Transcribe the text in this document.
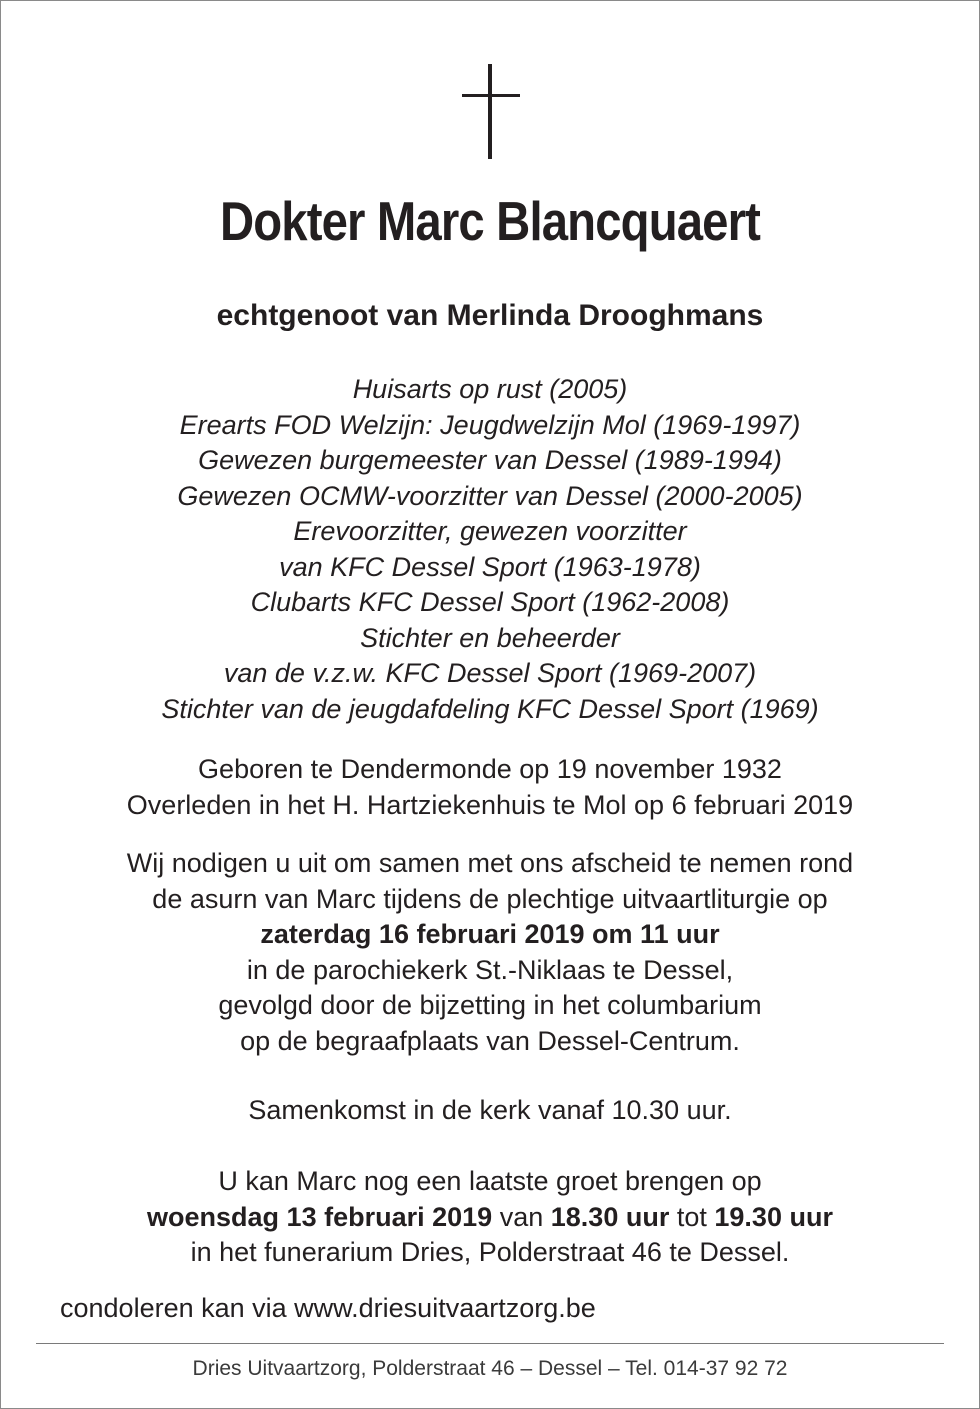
Dokter Marc Blancquaert
echtgenoot van Merlinda Drooghmans
Huisarts op rust (2005)
Erearts FOD Welzijn: Jeugdwelzijn Mol (1969-1997)
Gewezen burgemeester van Dessel (1989-1994)
Gewezen OCMW-voorzitter van Dessel (2000-2005)
Erevoorzitter, gewezen voorzitter
van KFC Dessel Sport (1963-1978)
Clubarts KFC Dessel Sport (1962-2008)
Stichter en beheerder
van de v.z.w. KFC Dessel Sport (1969-2007)
Stichter van de jeugdafdeling KFC Dessel Sport (1969)
Geboren te Dendermonde op 19 november 1932
Overleden in het H. Hartziekenhuis te Mol op 6 februari 2019
Wij nodigen u uit om samen met ons afscheid te nemen rond
de asurn van Marc tijdens de plechtige uitvaartliturgie op
zaterdag 16 februari 2019 om 11 uur
in de parochiekerk St.-Niklaas te Dessel,
gevolgd door de bijzetting in het columbarium
op de begraafplaats van Dessel-Centrum.
Samenkomst in de kerk vanaf 10.30 uur.
U kan Marc nog een laatste groet brengen op
woensdag 13 februari 2019 van 18.30 uur tot 19.30 uur
in het funerarium Dries, Polderstraat 46 te Dessel.
condoleren kan via www.driesuitvaartzorg.be
Dries Uitvaartzorg, Polderstraat 46 – Dessel – Tel. 014-37 92 72
